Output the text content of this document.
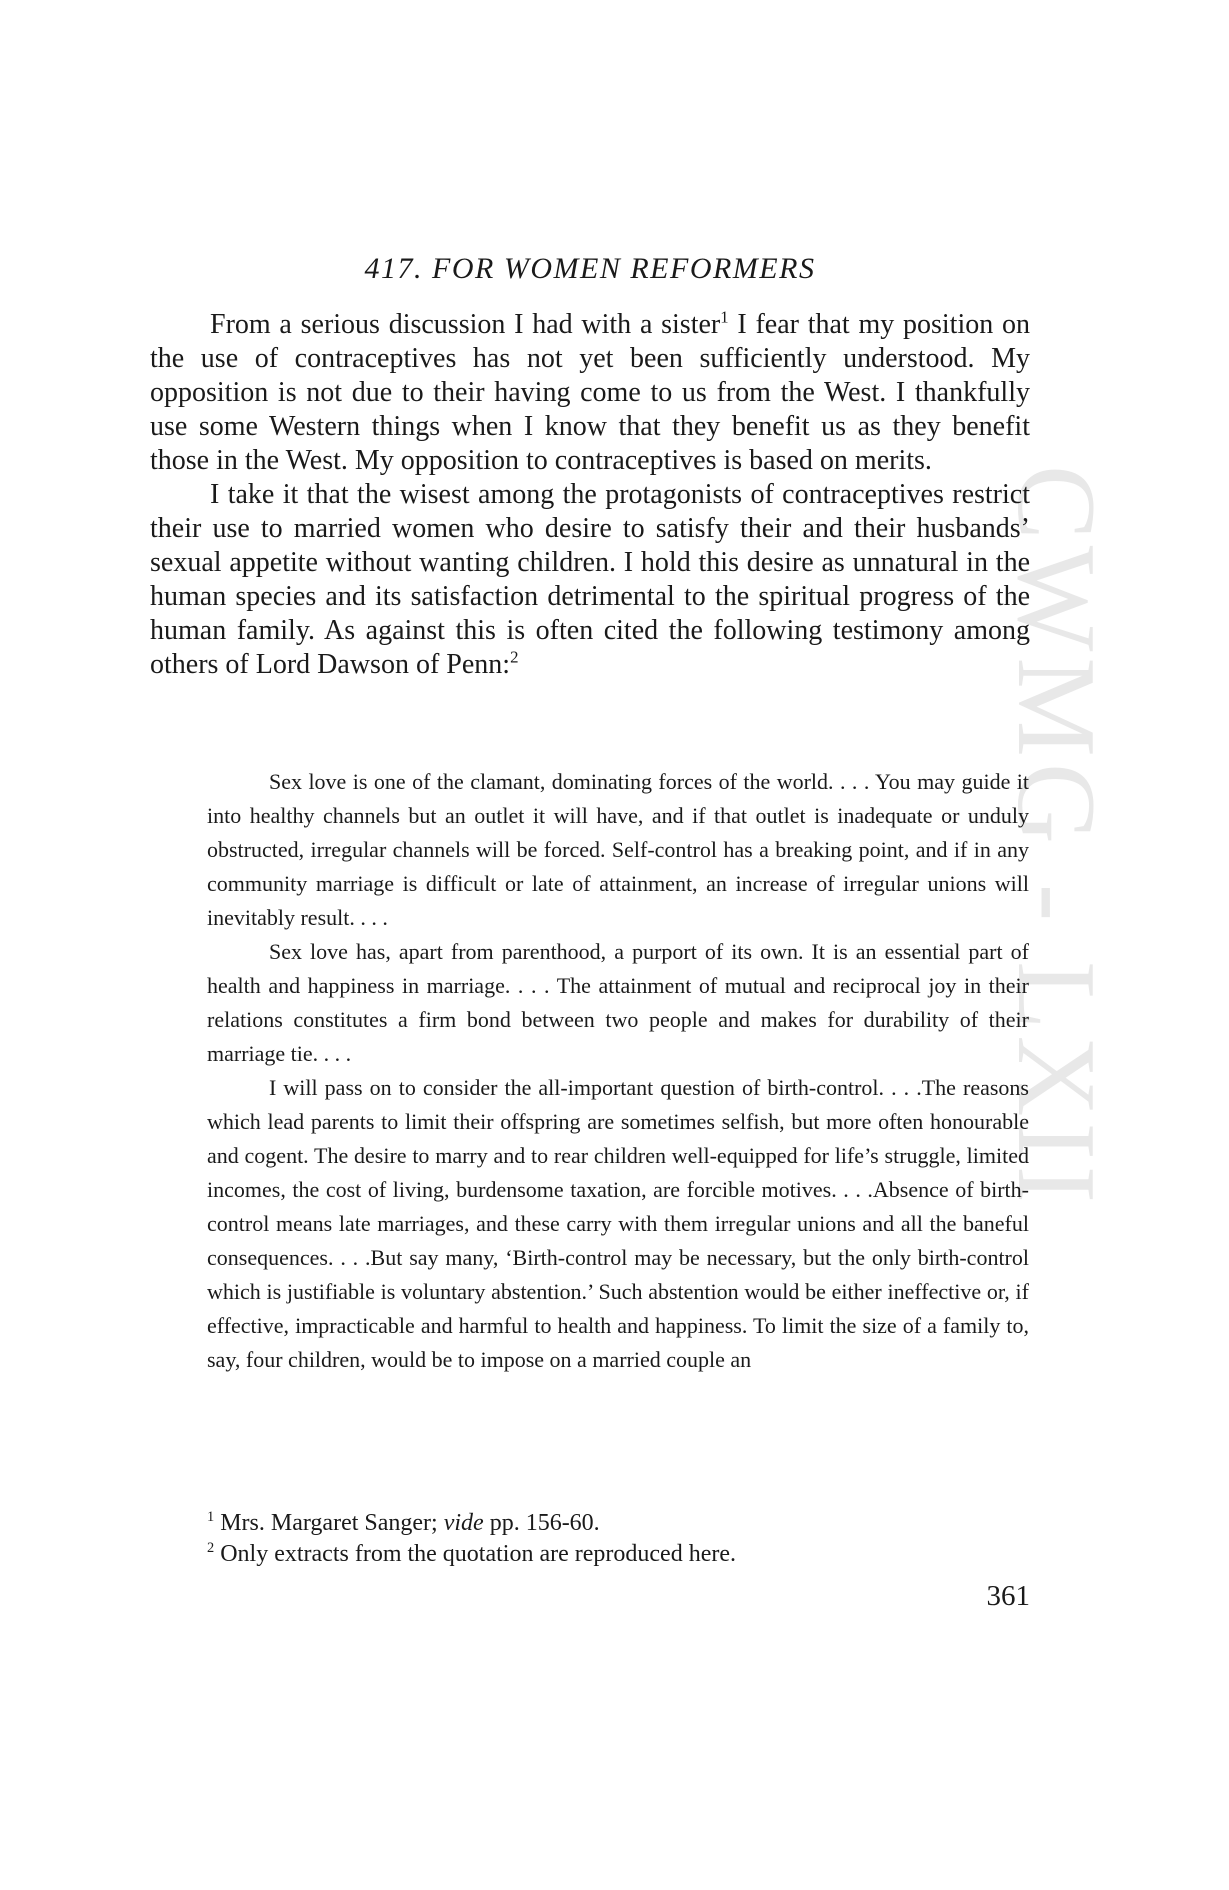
CWMG - LXII
417. FOR WOMEN REFORMERS

From a serious discussion I had with a sister$^1$ I fear that my position on the use of contraceptives has not yet been sufficiently understood. My opposition is not due to their having come to us from the West. I thankfully use some Western things when I know that they benefit us as they benefit those in the West. My opposition to contraceptives is based on merits.

I take it that the wisest among the protagonists of contraceptives restrict their use to married women who desire to satisfy their and their husbands’ sexual appetite without wanting children. I hold this desire as unnatural in the human species and its satisfaction detrimental to the spiritual progress of the human family. As against this is often cited the following testimony among others of Lord Dawson of Penn:$^2$

Sex love is one of the clamant, dominating forces of the world. . . . You may guide it into healthy channels but an outlet it will have, and if that outlet is inadequate or unduly obstructed, irregular channels will be forced. Self-control has a breaking point, and if in any community marriage is difficult or late of attainment, an increase of irregular unions will inevitably result. . . .

Sex love has, apart from parenthood, a purport of its own. It is an essential part of health and happiness in marriage. . . . The attainment of mutual and reciprocal joy in their relations constitutes a firm bond between two people and makes for durability of their marriage tie. . . .

I will pass on to consider the all-important question of birth-control. . . .The reasons which lead parents to limit their offspring are sometimes selfish, but more often honourable and cogent. The desire to marry and to rear children well-equipped for life’s struggle, limited incomes, the cost of living, burdensome taxation, are forcible motives. . . .Absence of birth-control means late marriages, and these carry with them irregular unions and all the baneful consequences. . . .But say many, ‘Birth-control may be necessary, but the only birth-control which is justifiable is voluntary abstention.’ Such abstention would be either ineffective or, if effective, impracticable and harmful to health and happiness. To limit the size of a family to, say, four children, would be to impose on a married couple an

$^1$ Mrs. Margaret Sanger; vide pp. 156-60.

$^2$ Only extracts from the quotation are reproduced here.

361
